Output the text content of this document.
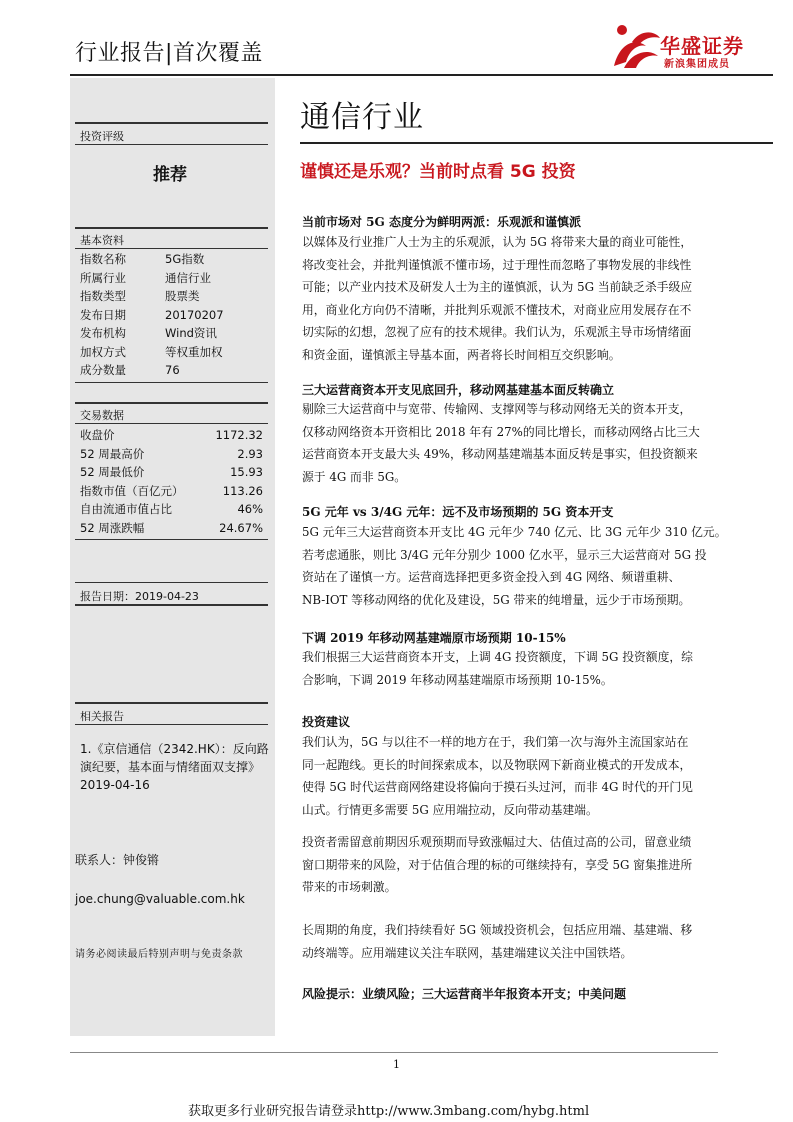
行业报告|首次覆盖	华盛证券
新浪集团成员
投资评级
推荐
基本资料
指数名称	5G指数
所属行业	通信行业
指数类型	股票类
发布日期	20170207
发布机构	Wind资讯
加权方式	等权重加权
成分数量	76
交易数据
收盘价	1172.32
52 周最高价	2.93
52 周最低价	15.93
指数市值（百亿元）	113.26
自由流通市值占比	46%
52 周涨跌幅	24.67%
报告日期：2019-04-23
相关报告
1.《京信通信（2342.HK）：反向路
演纪要，基本面与情绪面双支撑》
2019-04-16
联系人：钟俊锵
joe.chung@valuable.com.hk
请务必阅读最后特别声明与免责条款
通信行业
谨慎还是乐观？当前时点看 5G 投资
当前市场对 5G 态度分为鲜明两派：乐观派和谨慎派
以媒体及行业推广人士为主的乐观派，认为 5G 将带来大量的商业可能性，
将改变社会，并批判谨慎派不懂市场，过于理性而忽略了事物发展的非线性
可能；以产业内技术及研发人士为主的谨慎派，认为 5G 当前缺乏杀手级应
用，商业化方向仍不清晰，并批判乐观派不懂技术，对商业应用发展存在不
切实际的幻想，忽视了应有的技术规律。我们认为，乐观派主导市场情绪面
和资金面，谨慎派主导基本面，两者将长时间相互交织影响。
三大运营商资本开支见底回升，移动网基建基本面反转确立
剔除三大运营商中与宽带、传输网、支撑网等与移动网络无关的资本开支，
仅移动网络资本开资相比 2018 年有 27%的同比增长，而移动网络占比三大
运营商资本开支最大头 49%，移动网基建端基本面反转是事实，但投资额来
源于 4G 而非 5G。
5G 元年 vs 3/4G 元年：远不及市场预期的 5G 资本开支
5G 元年三大运营商资本开支比 4G 元年少 740 亿元、比 3G 元年少 310 亿元。
若考虑通胀，则比 3/4G 元年分别少 1000 亿水平，显示三大运营商对 5G 投
资站在了谨慎一方。运营商选择把更多资金投入到 4G 网络、频谱重耕、
NB-IOT 等移动网络的优化及建设，5G 带来的纯增量，远少于市场预期。
下调 2019 年移动网基建端原市场预期 10-15%
我们根据三大运营商资本开支，上调 4G 投资额度，下调 5G 投资额度，综
合影响，下调 2019 年移动网基建端原市场预期 10-15%。
投资建议
我们认为，5G 与以往不一样的地方在于，我们第一次与海外主流国家站在
同一起跑线。更长的时间探索成本，以及物联网下新商业模式的开发成本，
使得 5G 时代运营商网络建设将偏向于摸石头过河，而非 4G 时代的开门见
山式。行情更多需要 5G 应用端拉动，反向带动基建端。
投资者需留意前期因乐观预期而导致涨幅过大、估值过高的公司，留意业绩
窗口期带来的风险，对于估值合理的标的可继续持有，享受 5G 窗集推进所
带来的市场刺激。
长周期的角度，我们持续看好 5G 领域投资机会，包括应用端、基建端、移
动终端等。应用端建议关注车联网，基建端建议关注中国铁塔。
风险提示：业绩风险；三大运营商半年报资本开支；中美问题
1
获取更多行业研究报告请登录http://www.3mbang.com/hybg.html
